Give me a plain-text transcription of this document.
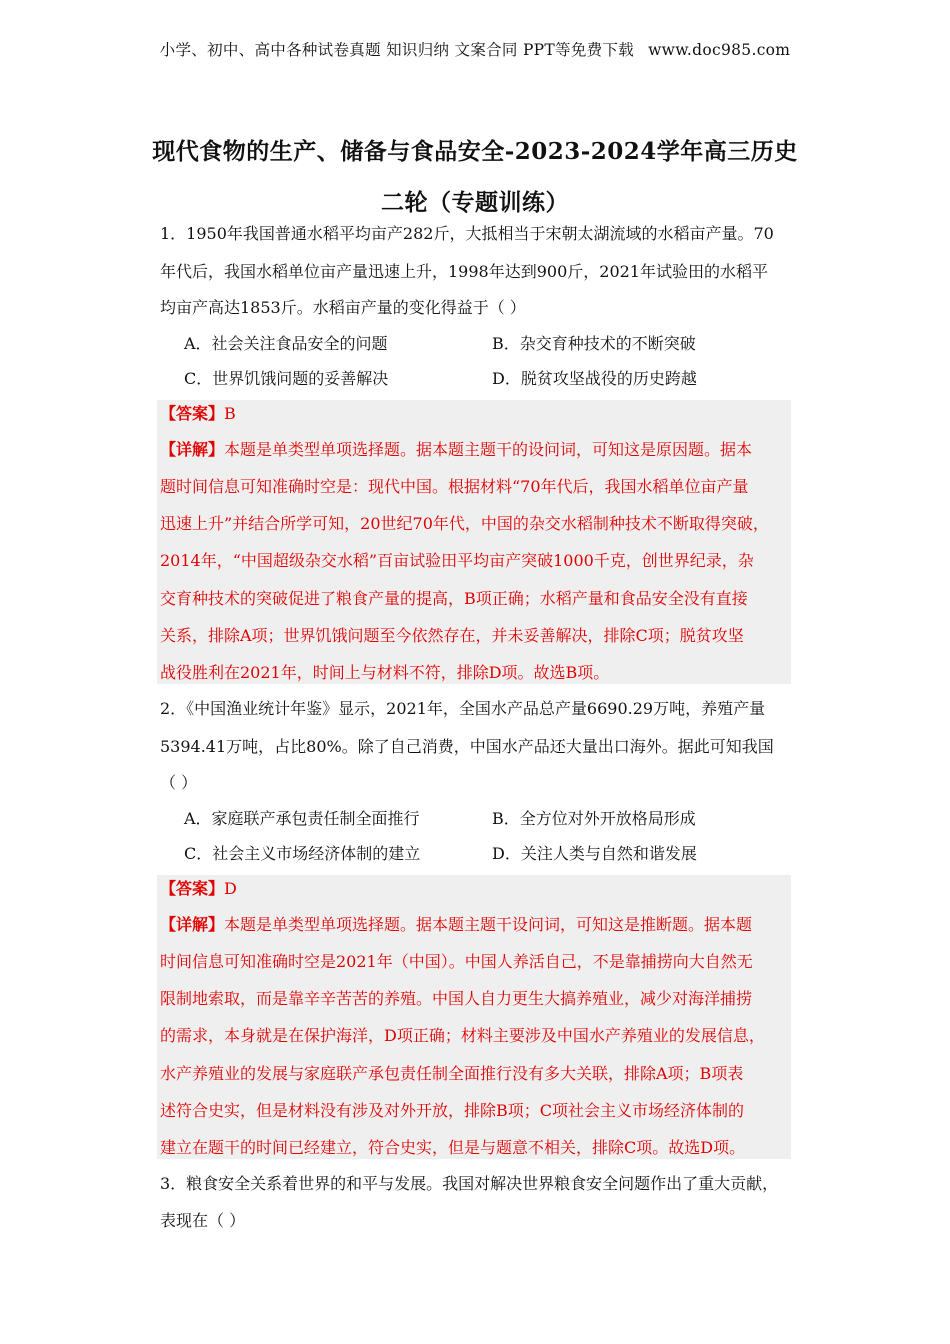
小学、初中、高中各种试卷真题 知识归纳 文案合同 PPT等免费下载 www.doc985.com
现代食物的生产、储备与食品安全-2023-2024学年高三历史
二轮（专题训练）
1．1950年我国普通水稻平均亩产282斤，大抵相当于宋朝太湖流域的水稻亩产量。70
年代后，我国水稻单位亩产量迅速上升，1998年达到900斤，2021年试验田的水稻平
均亩产高达1853斤。水稻亩产量的变化得益于（ ）
A．社会关注食品安全的问题	B．杂交育种技术的不断突破
C．世界饥饿问题的妥善解决	D．脱贫攻坚战役的历史跨越
【答案】B
【详解】本题是单类型单项选择题。据本题主题干的设问词，可知这是原因题。据本
题时间信息可知准确时空是：现代中国。根据材料“70年代后，我国水稻单位亩产量
迅速上升”并结合所学可知，20世纪70年代，中国的杂交水稻制种技术不断取得突破，
2014年，“中国超级杂交水稻”百亩试验田平均亩产突破1000千克，创世界纪录，杂
交育种技术的突破促进了粮食产量的提高，B项正确；水稻产量和食品安全没有直接
关系，排除A项；世界饥饿问题至今依然存在，并未妥善解决，排除C项；脱贫攻坚
战役胜利在2021年，时间上与材料不符，排除D项。故选B项。
2．《中国渔业统计年鉴》显示，2021年，全国水产品总产量6690.29万吨，养殖产量
5394.41万吨，占比80%。除了自己消费，中国水产品还大量出口海外。据此可知我国
（ ）
A．家庭联产承包责任制全面推行	B．全方位对外开放格局形成
C．社会主义市场经济体制的建立	D．关注人类与自然和谐发展
【答案】D
【详解】本题是单类型单项选择题。据本题主题干设问词，可知这是推断题。据本题
时间信息可知准确时空是2021年（中国）。中国人养活自己，不是靠捕捞向大自然无
限制地索取，而是靠辛辛苦苦的养殖。中国人自力更生大搞养殖业，减少对海洋捕捞
的需求，本身就是在保护海洋，D项正确；材料主要涉及中国水产养殖业的发展信息，
水产养殖业的发展与家庭联产承包责任制全面推行没有多大关联，排除A项；B项表
述符合史实，但是材料没有涉及对外开放，排除B项；C项社会主义市场经济体制的
建立在题干的时间已经建立，符合史实，但是与题意不相关，排除C项。故选D项。
3．粮食安全关系着世界的和平与发展。我国对解决世界粮食安全问题作出了重大贡献，
表现在（ ）
